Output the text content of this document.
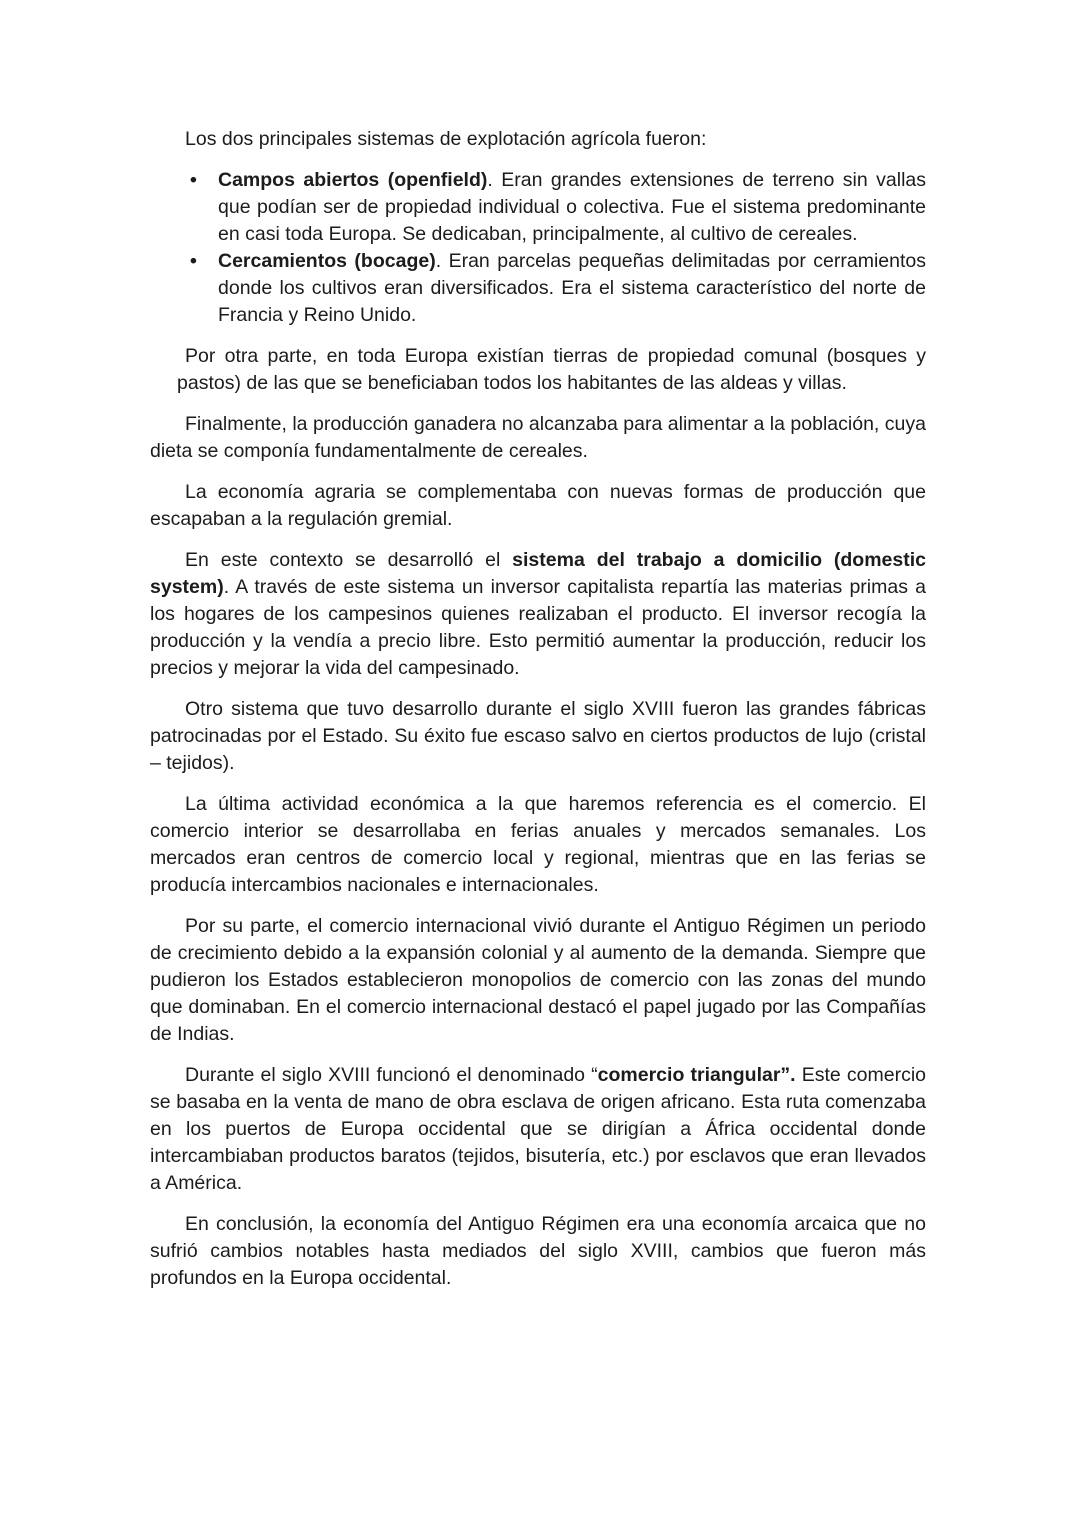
Los dos principales sistemas de explotación agrícola fueron:

• Campos abiertos (openfield). Eran grandes extensiones de terreno sin vallas que podían ser de propiedad individual o colectiva. Fue el sistema predominante en casi toda Europa. Se dedicaban, principalmente, al cultivo de cereales.
• Cercamientos (bocage). Eran parcelas pequeñas delimitadas por cerramientos donde los cultivos eran diversificados. Era el sistema característico del norte de Francia y Reino Unido.

Por otra parte, en toda Europa existían tierras de propiedad comunal (bosques y pastos) de las que se beneficiaban todos los habitantes de las aldeas y villas.

Finalmente, la producción ganadera no alcanzaba para alimentar a la población, cuya dieta se componía fundamentalmente de cereales.

La economía agraria se complementaba con nuevas formas de producción que escapaban a la regulación gremial.

En este contexto se desarrolló el sistema del trabajo a domicilio (domestic system). A través de este sistema un inversor capitalista repartía las materias primas a los hogares de los campesinos quienes realizaban el producto. El inversor recogía la producción y la vendía a precio libre. Esto permitió aumentar la producción, reducir los precios y mejorar la vida del campesinado.

Otro sistema que tuvo desarrollo durante el siglo XVIII fueron las grandes fábricas patrocinadas por el Estado. Su éxito fue escaso salvo en ciertos productos de lujo (cristal – tejidos).

La última actividad económica a la que haremos referencia es el comercio. El comercio interior se desarrollaba en ferias anuales y mercados semanales. Los mercados eran centros de comercio local y regional, mientras que en las ferias se producía intercambios nacionales e internacionales.

Por su parte, el comercio internacional vivió durante el Antiguo Régimen un periodo de crecimiento debido a la expansión colonial y al aumento de la demanda. Siempre que pudieron los Estados establecieron monopolios de comercio con las zonas del mundo que dominaban. En el comercio internacional destacó el papel jugado por las Compañías de Indias.

Durante el siglo XVIII funcionó el denominado “comercio triangular”. Este comercio se basaba en la venta de mano de obra esclava de origen africano. Esta ruta comenzaba en los puertos de Europa occidental que se dirigían a África occidental donde intercambiaban productos baratos (tejidos, bisutería, etc.) por esclavos que eran llevados a América.

En conclusión, la economía del Antiguo Régimen era una economía arcaica que no sufrió cambios notables hasta mediados del siglo XVIII, cambios que fueron más profundos en la Europa occidental.
